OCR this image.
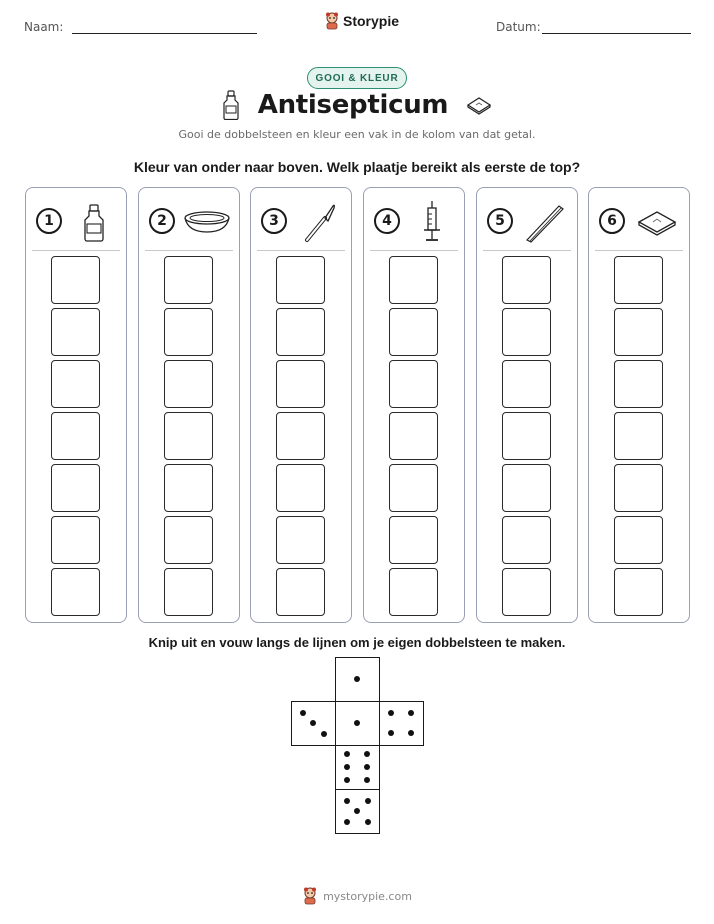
Naam:	Storypie	Datum:
GOOI & KLEUR
Antisepticum
Gooi de dobbelsteen en kleur een vak in de kolom van dat getal.
Kleur van onder naar boven. Welk plaatje bereikt als eerste de top?
1	2	3	4	5	6
Knip uit en vouw langs de lijnen om je eigen dobbelsteen te maken.
mystorypie.com
